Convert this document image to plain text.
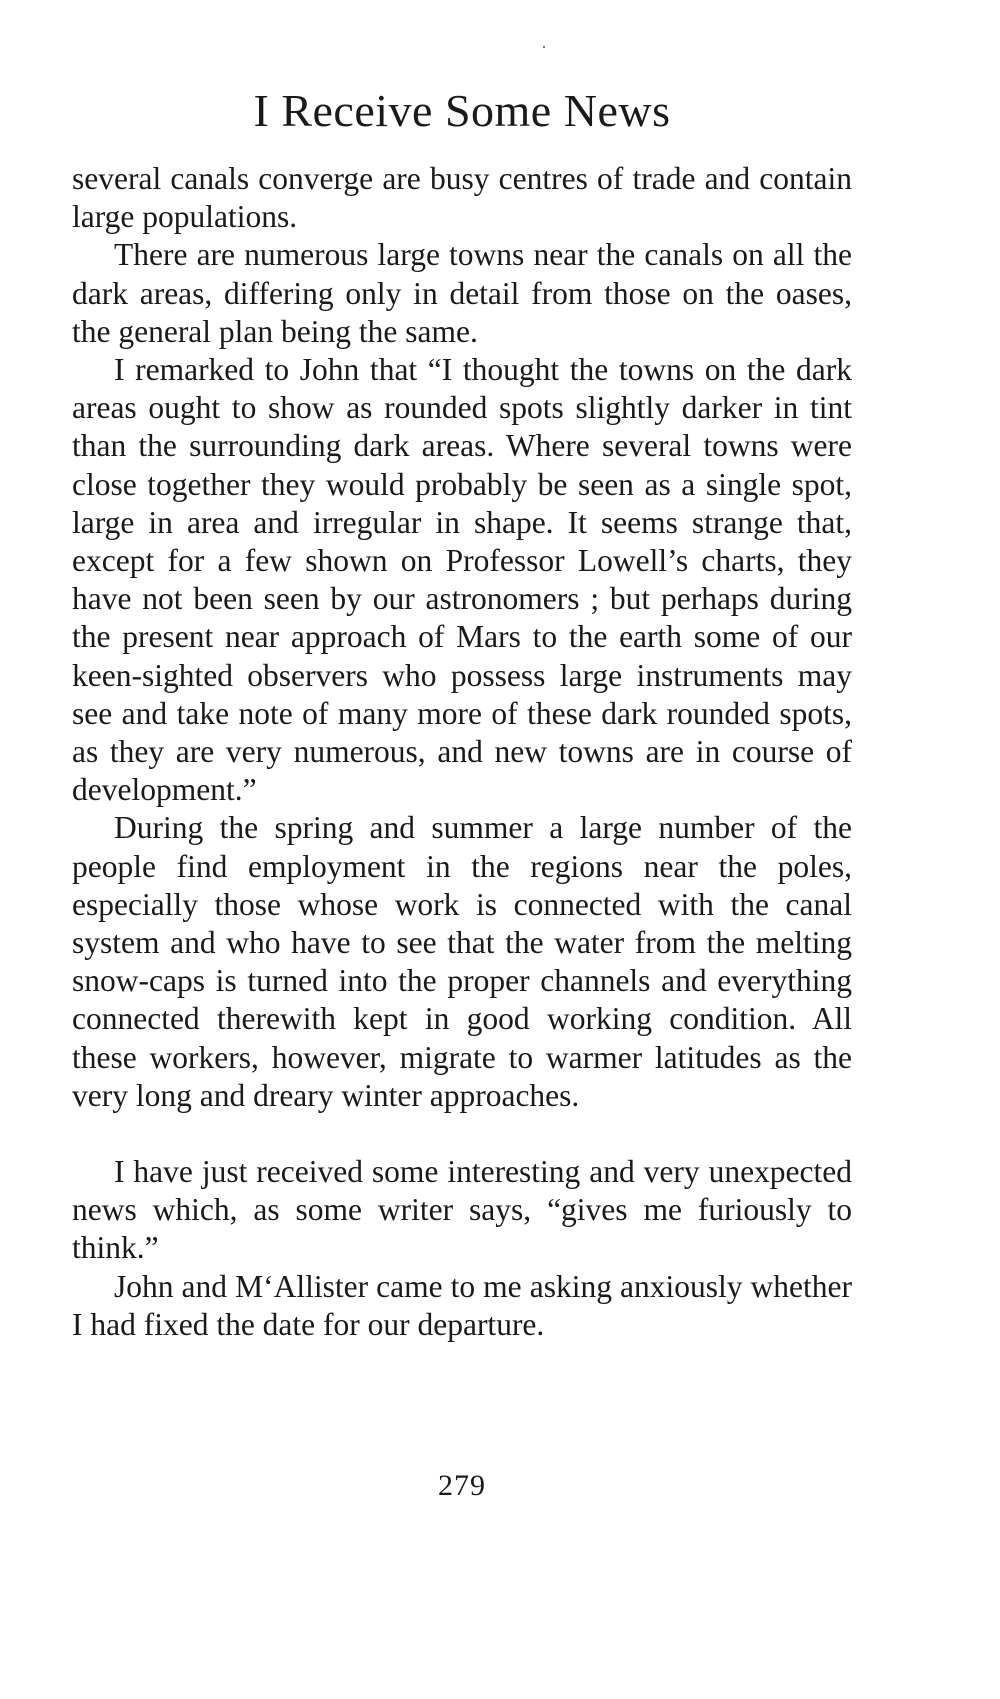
I Receive Some News

several canals converge are busy centres of trade and contain large populations.

There are numerous large towns near the canals on all the dark areas, differing only in detail from those on the oases, the general plan being the same.

I remarked to John that “I thought the towns on the dark areas ought to show as rounded spots slightly darker in tint than the surrounding dark areas. Where several towns were close together they would probably be seen as a single spot, large in area and irregular in shape. It seems strange that, except for a few shown on Professor Lowell’s charts, they have not been seen by our astronomers ; but perhaps during the present near approach of Mars to the earth some of our keen-sighted observers who possess large instruments may see and take note of many more of these dark rounded spots, as they are very numerous, and new towns are in course of development.”

During the spring and summer a large number of the people find employment in the regions near the poles, especially those whose work is connected with the canal system and who have to see that the water from the melting snow-caps is turned into the proper channels and everything connected therewith kept in good working condition. All these workers, however, migrate to warmer latitudes as the very long and dreary winter approaches.

I have just received some interesting and very unexpected news which, as some writer says, “gives me furiously to think.”

John and M‘Allister came to me asking anxiously whether I had fixed the date for our departure.

279
